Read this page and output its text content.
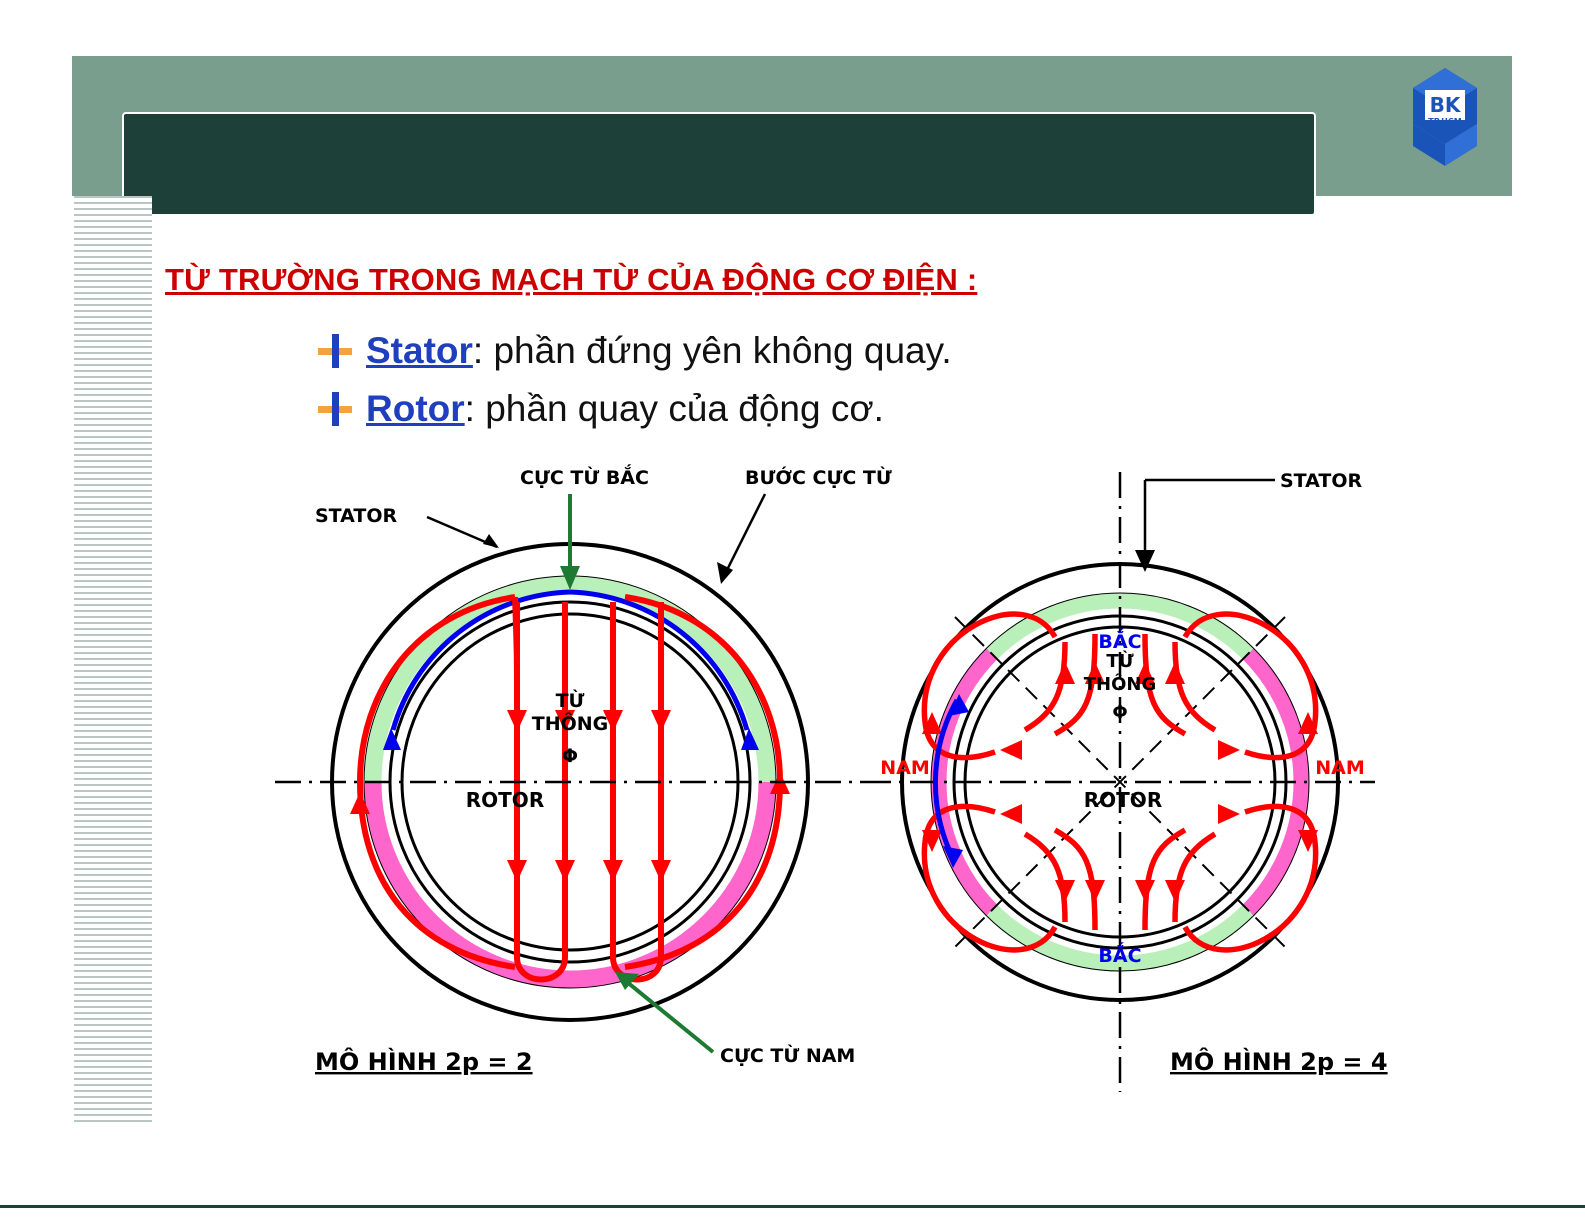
BK
TP.HCM
TỪ TRƯỜNG TRONG MẠCH TỪ CỦA ĐỘNG CƠ ĐIỆN :
Stator : phần đứng yên không quay.
Rotor : phần quay của động cơ.
TỪ
THÔNG
Φ
ROTOR
STATOR
CỰC TỪ BẮC	BƯỚC CỰC TỪ
CỰC TỪ NAM
MÔ HÌNH 2p = 2
BẮC
BẮC
NAM	NAM
TỪ
THÔNG
Φ
ROTOR
STATOR
MÔ HÌNH 2p = 4
